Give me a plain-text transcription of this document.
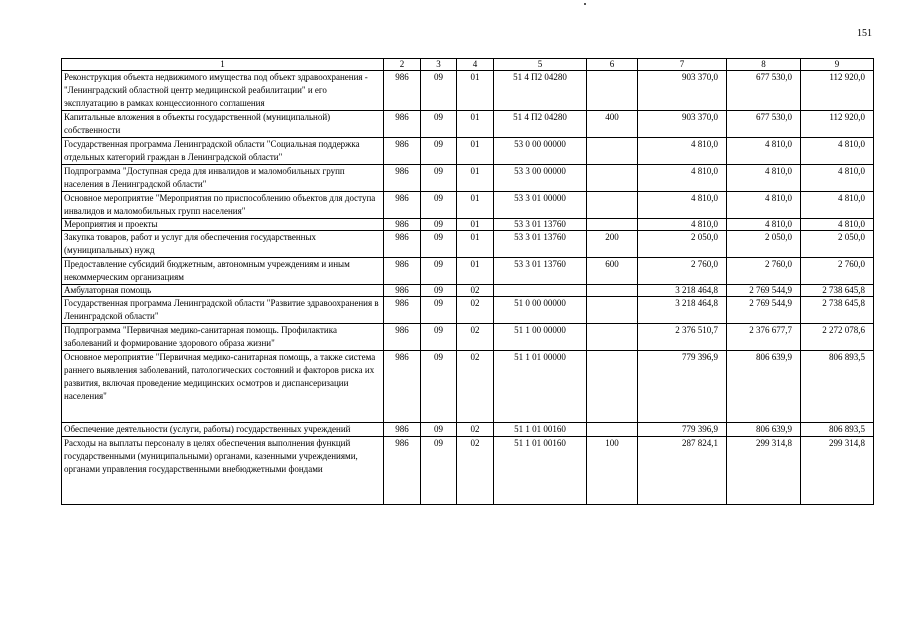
151
1	2	3	4	5	6	7	8	9
Реконструкция объекта недвижимого имущества под объект здравоохранения - "Ленинградский областной центр медицинской реабилитации" и его эксплуатацию в рамках концессионного соглашения	986	09	01	51 4 П2 04280		903 370,0	677 530,0	112 920,0
Капитальные вложения в объекты государственной (муниципальной) собственности	986	09	01	51 4 П2 04280	400	903 370,0	677 530,0	112 920,0
Государственная программа Ленинградской области "Социальная поддержка отдельных категорий граждан в Ленинградской области"	986	09	01	53 0 00 00000		4 810,0	4 810,0	4 810,0
Подпрограмма "Доступная среда для инвалидов и маломобильных групп населения в Ленинградской области"	986	09	01	53 3 00 00000		4 810,0	4 810,0	4 810,0
Основное мероприятие "Мероприятия по приспособлению объектов для доступа инвалидов и маломобильных групп населения"	986	09	01	53 3 01 00000		4 810,0	4 810,0	4 810,0
Мероприятия и проекты	986	09	01	53 3 01 13760		4 810,0	4 810,0	4 810,0
Закупка товаров, работ и услуг для обеспечения государственных (муниципальных) нужд	986	09	01	53 3 01 13760	200	2 050,0	2 050,0	2 050,0
Предоставление субсидий бюджетным, автономным учреждениям и иным некоммерческим организациям	986	09	01	53 3 01 13760	600	2 760,0	2 760,0	2 760,0
Амбулаторная помощь	986	09	02			3 218 464,8	2 769 544,9	2 738 645,8
Государственная программа Ленинградской области "Развитие здравоохранения в Ленинградской области"	986	09	02	51 0 00 00000		3 218 464,8	2 769 544,9	2 738 645,8
Подпрограмма "Первичная медико-санитарная помощь. Профилактика заболеваний и формирование здорового образа жизни"	986	09	02	51 1 00 00000		2 376 510,7	2 376 677,7	2 272 078,6
Основное мероприятие "Первичная медико-санитарная помощь, а также система раннего выявления заболеваний, патологических состояний и факторов риска их развития, включая проведение медицинских осмотров и диспансеризации населения"	986	09	02	51 1 01 00000		779 396,9	806 639,9	806 893,5
Обеспечение деятельности (услуги, работы) государственных учреждений	986	09	02	51 1 01 00160		779 396,9	806 639,9	806 893,5
Расходы на выплаты персоналу в целях обеспечения выполнения функций государственными (муниципальными) органами, казенными учреждениями, органами управления государственными внебюджетными фондами	986	09	02	51 1 01 00160	100	287 824,1	299 314,8	299 314,8
